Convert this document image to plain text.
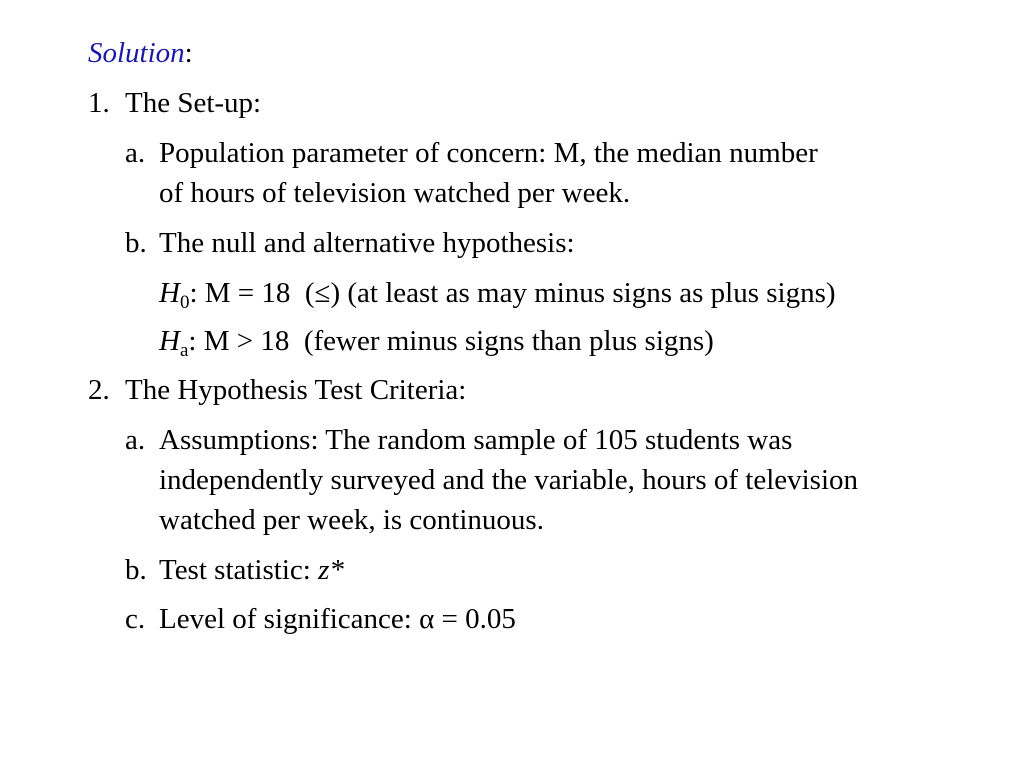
Solution:
1. The Set-up:
a. Population parameter of concern: M, the median number
of hours of television watched per week.
b. The null and alternative hypothesis:
$H_0$: M = 18  (≤) (at least as may minus signs as plus signs)
$H_a$: M > 18  (fewer minus signs than plus signs)
2. The Hypothesis Test Criteria:
a. Assumptions: The random sample of 105 students was
independently surveyed and the variable, hours of television
watched per week, is continuous.
b. Test statistic: z*
c. Level of significance: α = 0.05
